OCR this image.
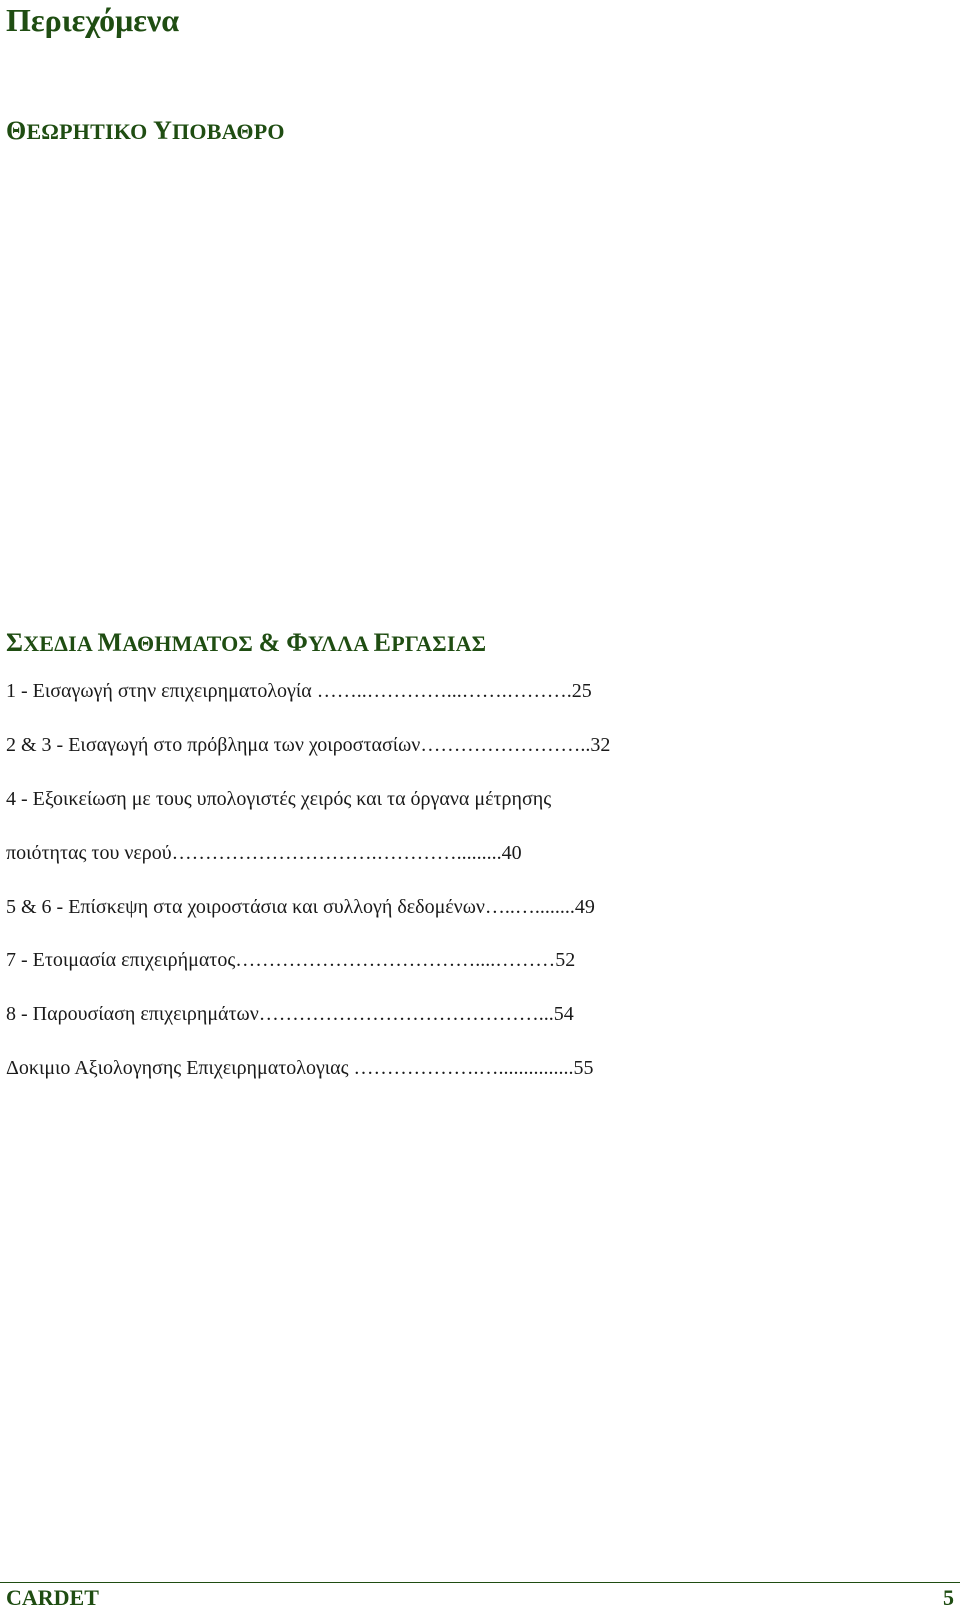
Περιεχόμενα
ΘΕΩΡΗΤΙΚΟ ΥΠΟΒΑΘΡΟ
ΣΧΕΔΙΑ ΜΑΘΗΜΑΤΟΣ & ΦΥΛΛΑ ΕΡΓΑΣΙΑΣ
1 - Εισαγωγή στην επιχειρηματολογία ……..…………...…….……….25
2 & 3 - Εισαγωγή στο πρόβλημα των χοιροστασίων……………………..32
4 - Εξοικείωση με τους υπολογιστές χειρός και τα όργανα μέτρησης
ποιότητας του νερού………………………….………….........40
5 & 6 - Επίσκεψη στα χοιροστάσια και συλλογή δεδομένων…..…........49
7 - Ετοιμασία επιχειρήματος………………………………....………52
8 - Παρουσίαση επιχειρημάτων……………………………………...54
Δοκιμιο Αξιολογησης Επιχειρηματολογιας ……………….…...............55
CARDET	5
